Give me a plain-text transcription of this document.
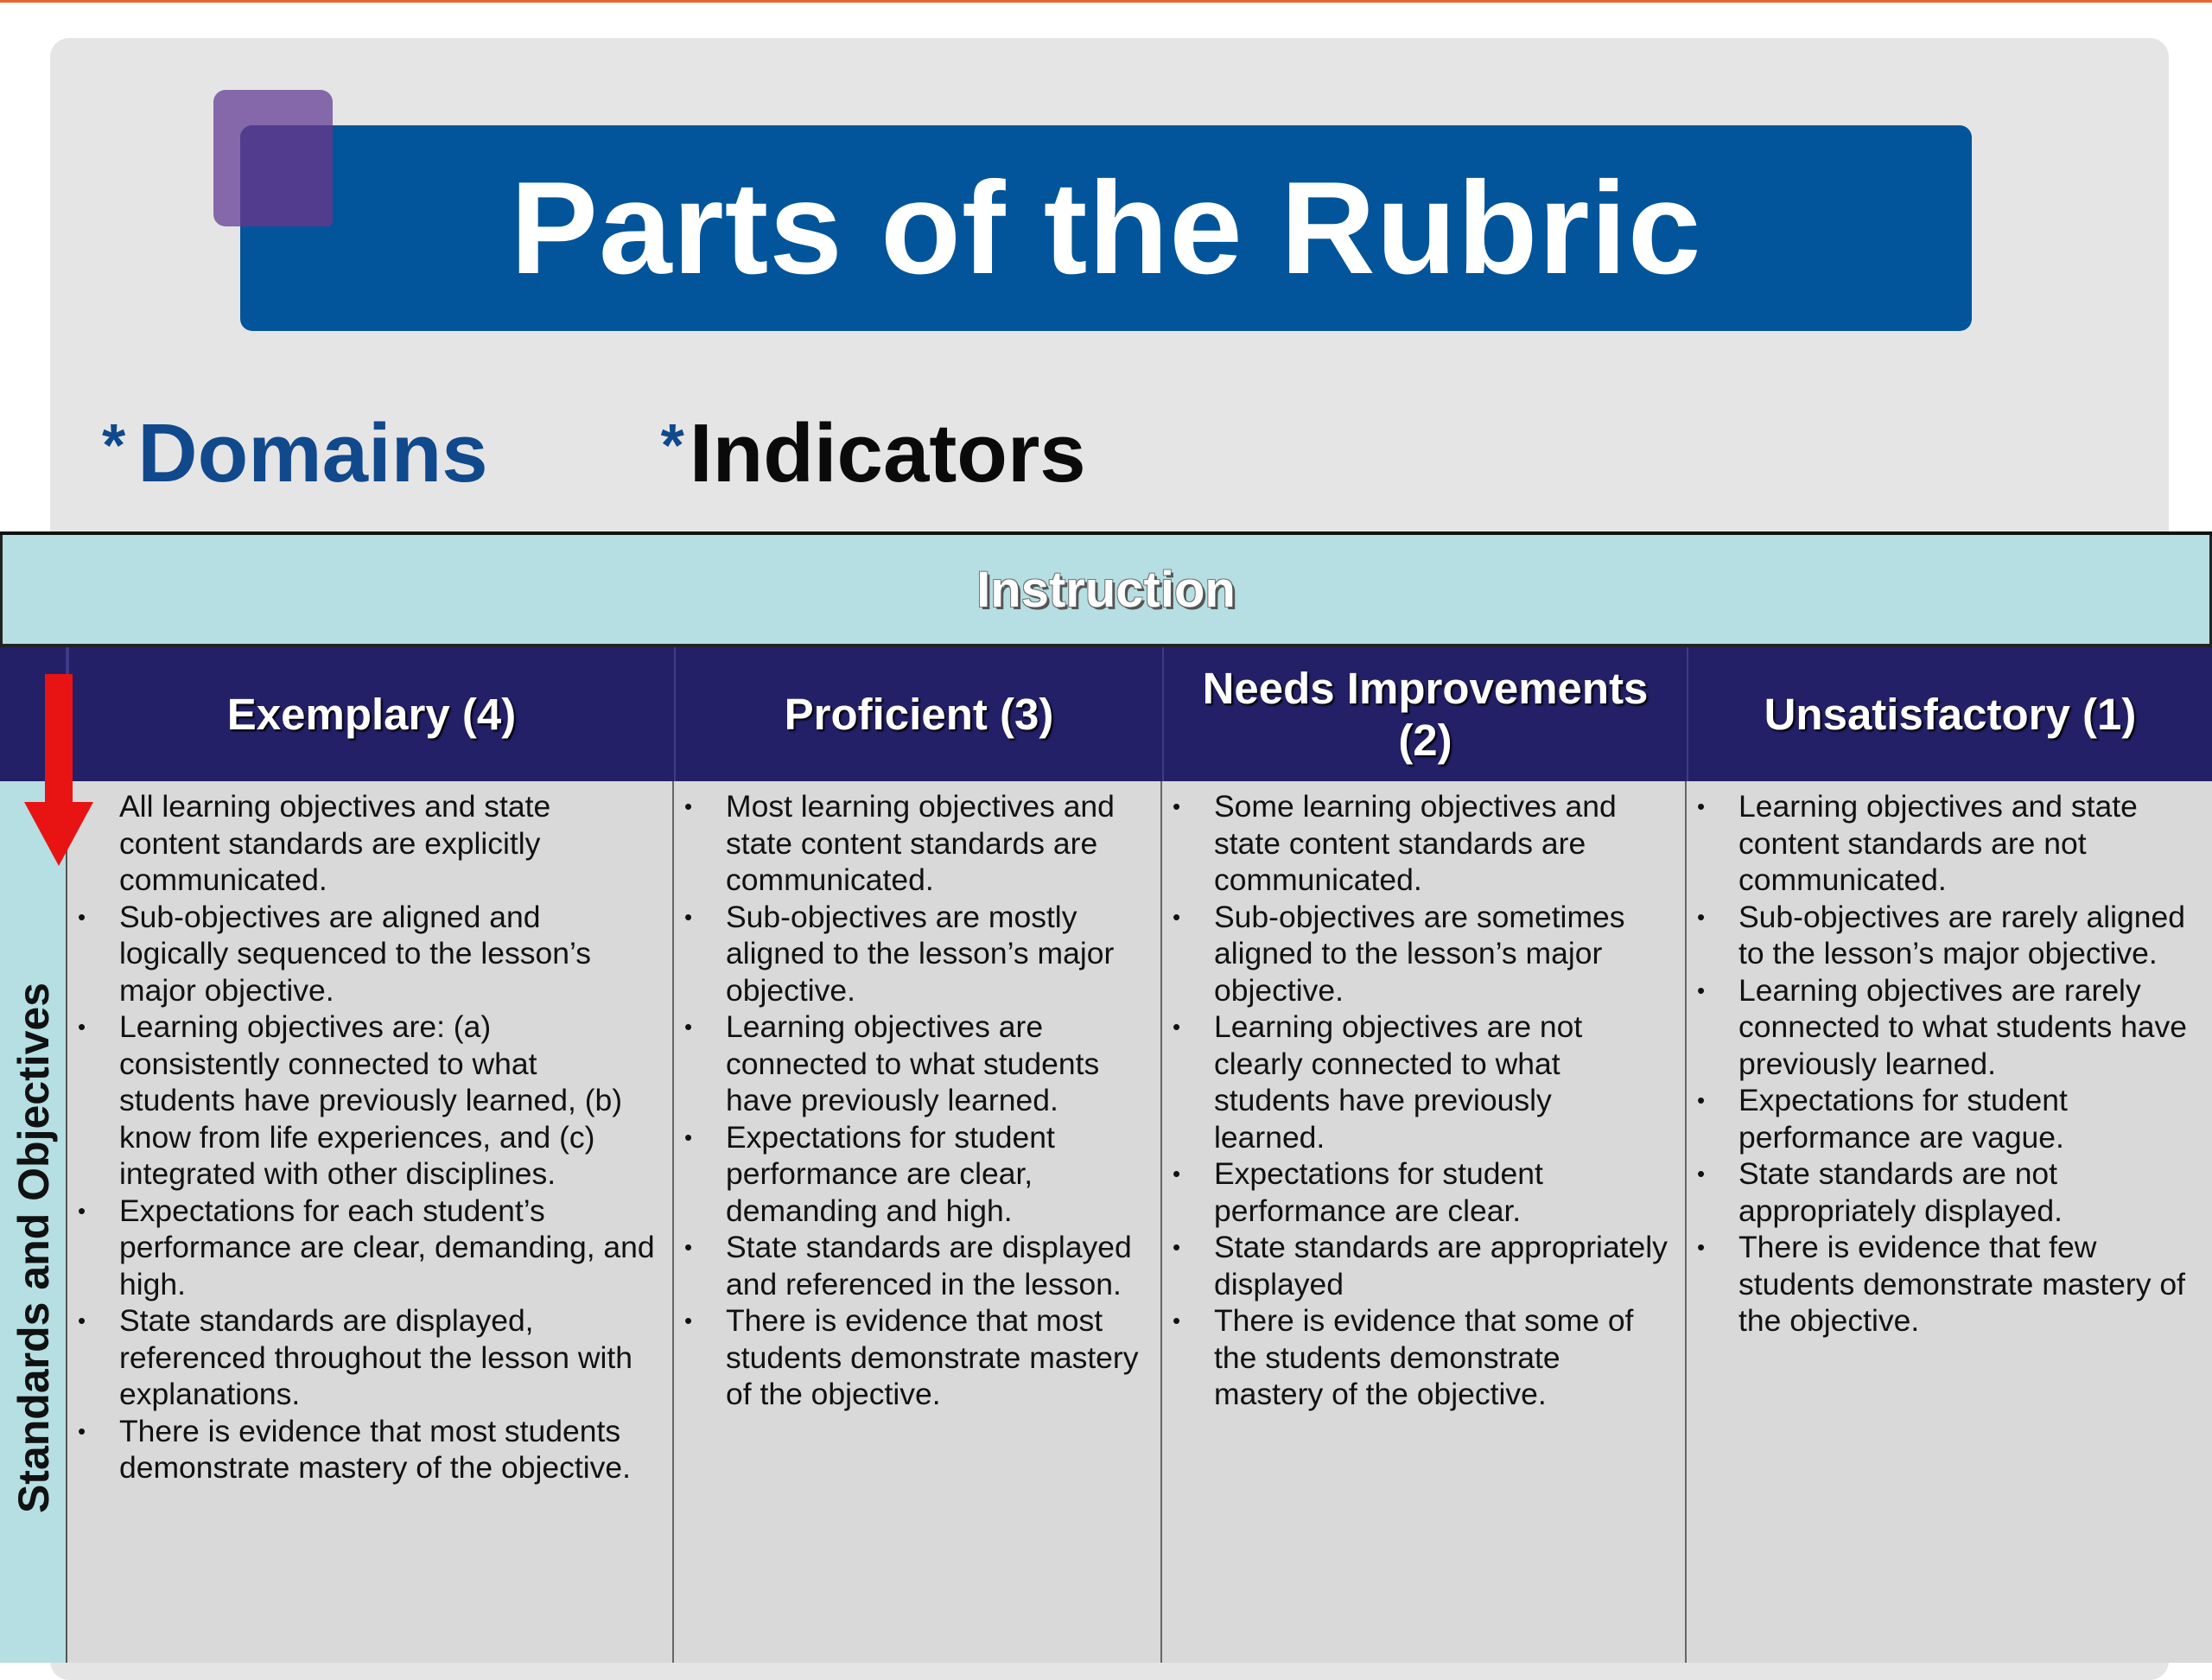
Parts of the Rubric
* Domains	* Indicators
Instruction
Exemplary (4)	Proficient (3)
Needs Improvements (2)
Unsatisfactory (1)
Standards and Objectives
All learning objectives and state content standards are explicitly communicated.
• Sub-objectives are aligned and logically sequenced to the lesson’s major objective.
• Learning objectives are: (a) consistently connected to what students have previously learned, (b) know from life experiences, and (c) integrated with other disciplines.
• Expectations for each student’s performance are clear, demanding, and high.
• State standards are displayed, referenced throughout the lesson with explanations.
• There is evidence that most students demonstrate mastery of the objective.
• Most learning objectives and state content standards are communicated.
• Sub-objectives are mostly aligned to the lesson’s major objective.
• Learning objectives are connected to what students have previously learned.
• Expectations for student performance are clear, demanding and high.
• State standards are displayed and referenced in the lesson.
• There is evidence that most students demonstrate mastery of the objective.
• Some learning objectives and state content standards are communicated.
• Sub-objectives are sometimes aligned to the lesson’s major objective.
• Learning objectives are not clearly connected to what students have previously learned.
• Expectations for student performance are clear.
• State standards are appropriately displayed
• There is evidence that some of the students demonstrate mastery of the objective.
• Learning objectives and state content standards are not communicated.
• Sub-objectives are rarely aligned to the lesson’s major objective.
• Learning objectives are rarely connected to what students have previously learned.
• Expectations for student performance are vague.
• State standards are not appropriately displayed.
• There is evidence that few students demonstrate mastery of the objective.
